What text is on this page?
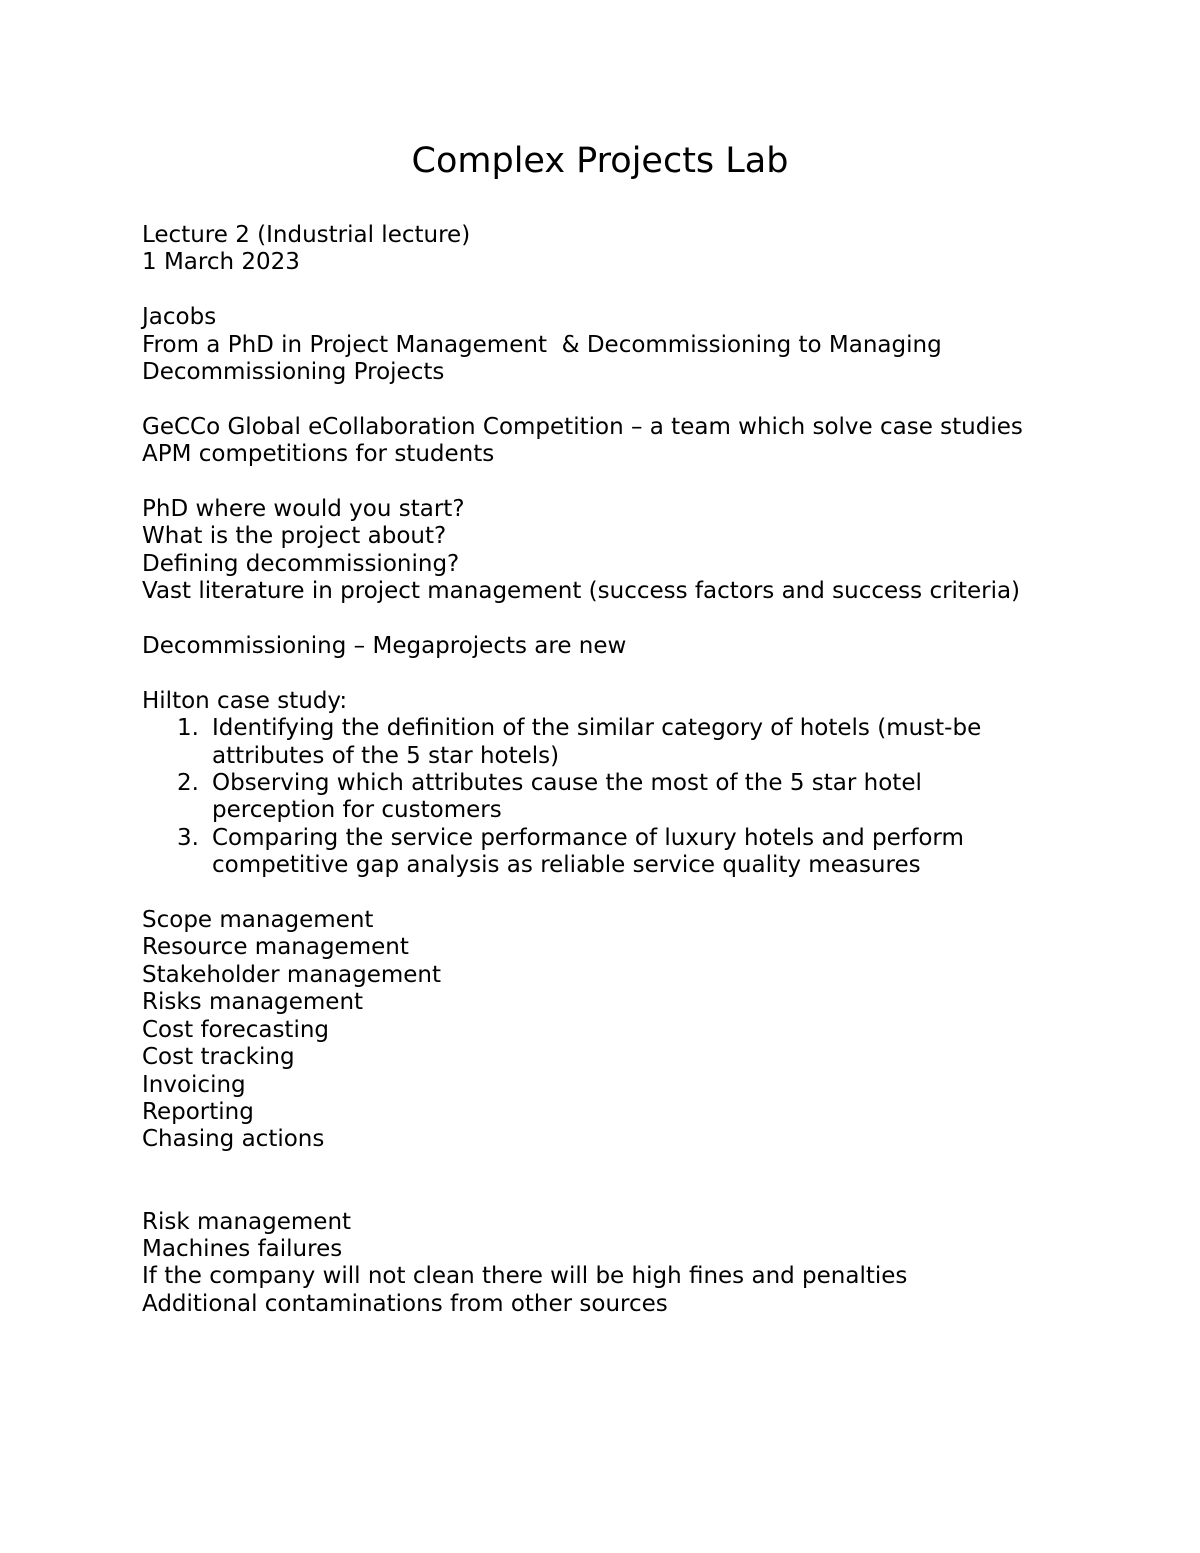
Complex Projects Lab

Lecture 2 (Industrial lecture)

1 March 2023

Jacobs

From a PhD in Project Management  & Decommissioning to Managing

Decommissioning Projects

GeCCo Global eCollaboration Competition – a team which solve case studies

APM competitions for students

PhD where would you start?

What is the project about?

Defining decommissioning?

Vast literature in project management (success factors and success criteria)

Decommissioning – Megaprojects are new

Hilton case study:

1. Identifying the definition of the similar category of hotels (must-be

attributes of the 5 star hotels)

2. Observing which attributes cause the most of the 5 star hotel

perception for customers

3. Comparing the service performance of luxury hotels and perform

competitive gap analysis as reliable service quality measures

Scope management

Resource management

Stakeholder management

Risks management

Cost forecasting

Cost tracking

Invoicing

Reporting

Chasing actions

Risk management

Machines failures

If the company will not clean there will be high fines and penalties

Additional contaminations from other sources
